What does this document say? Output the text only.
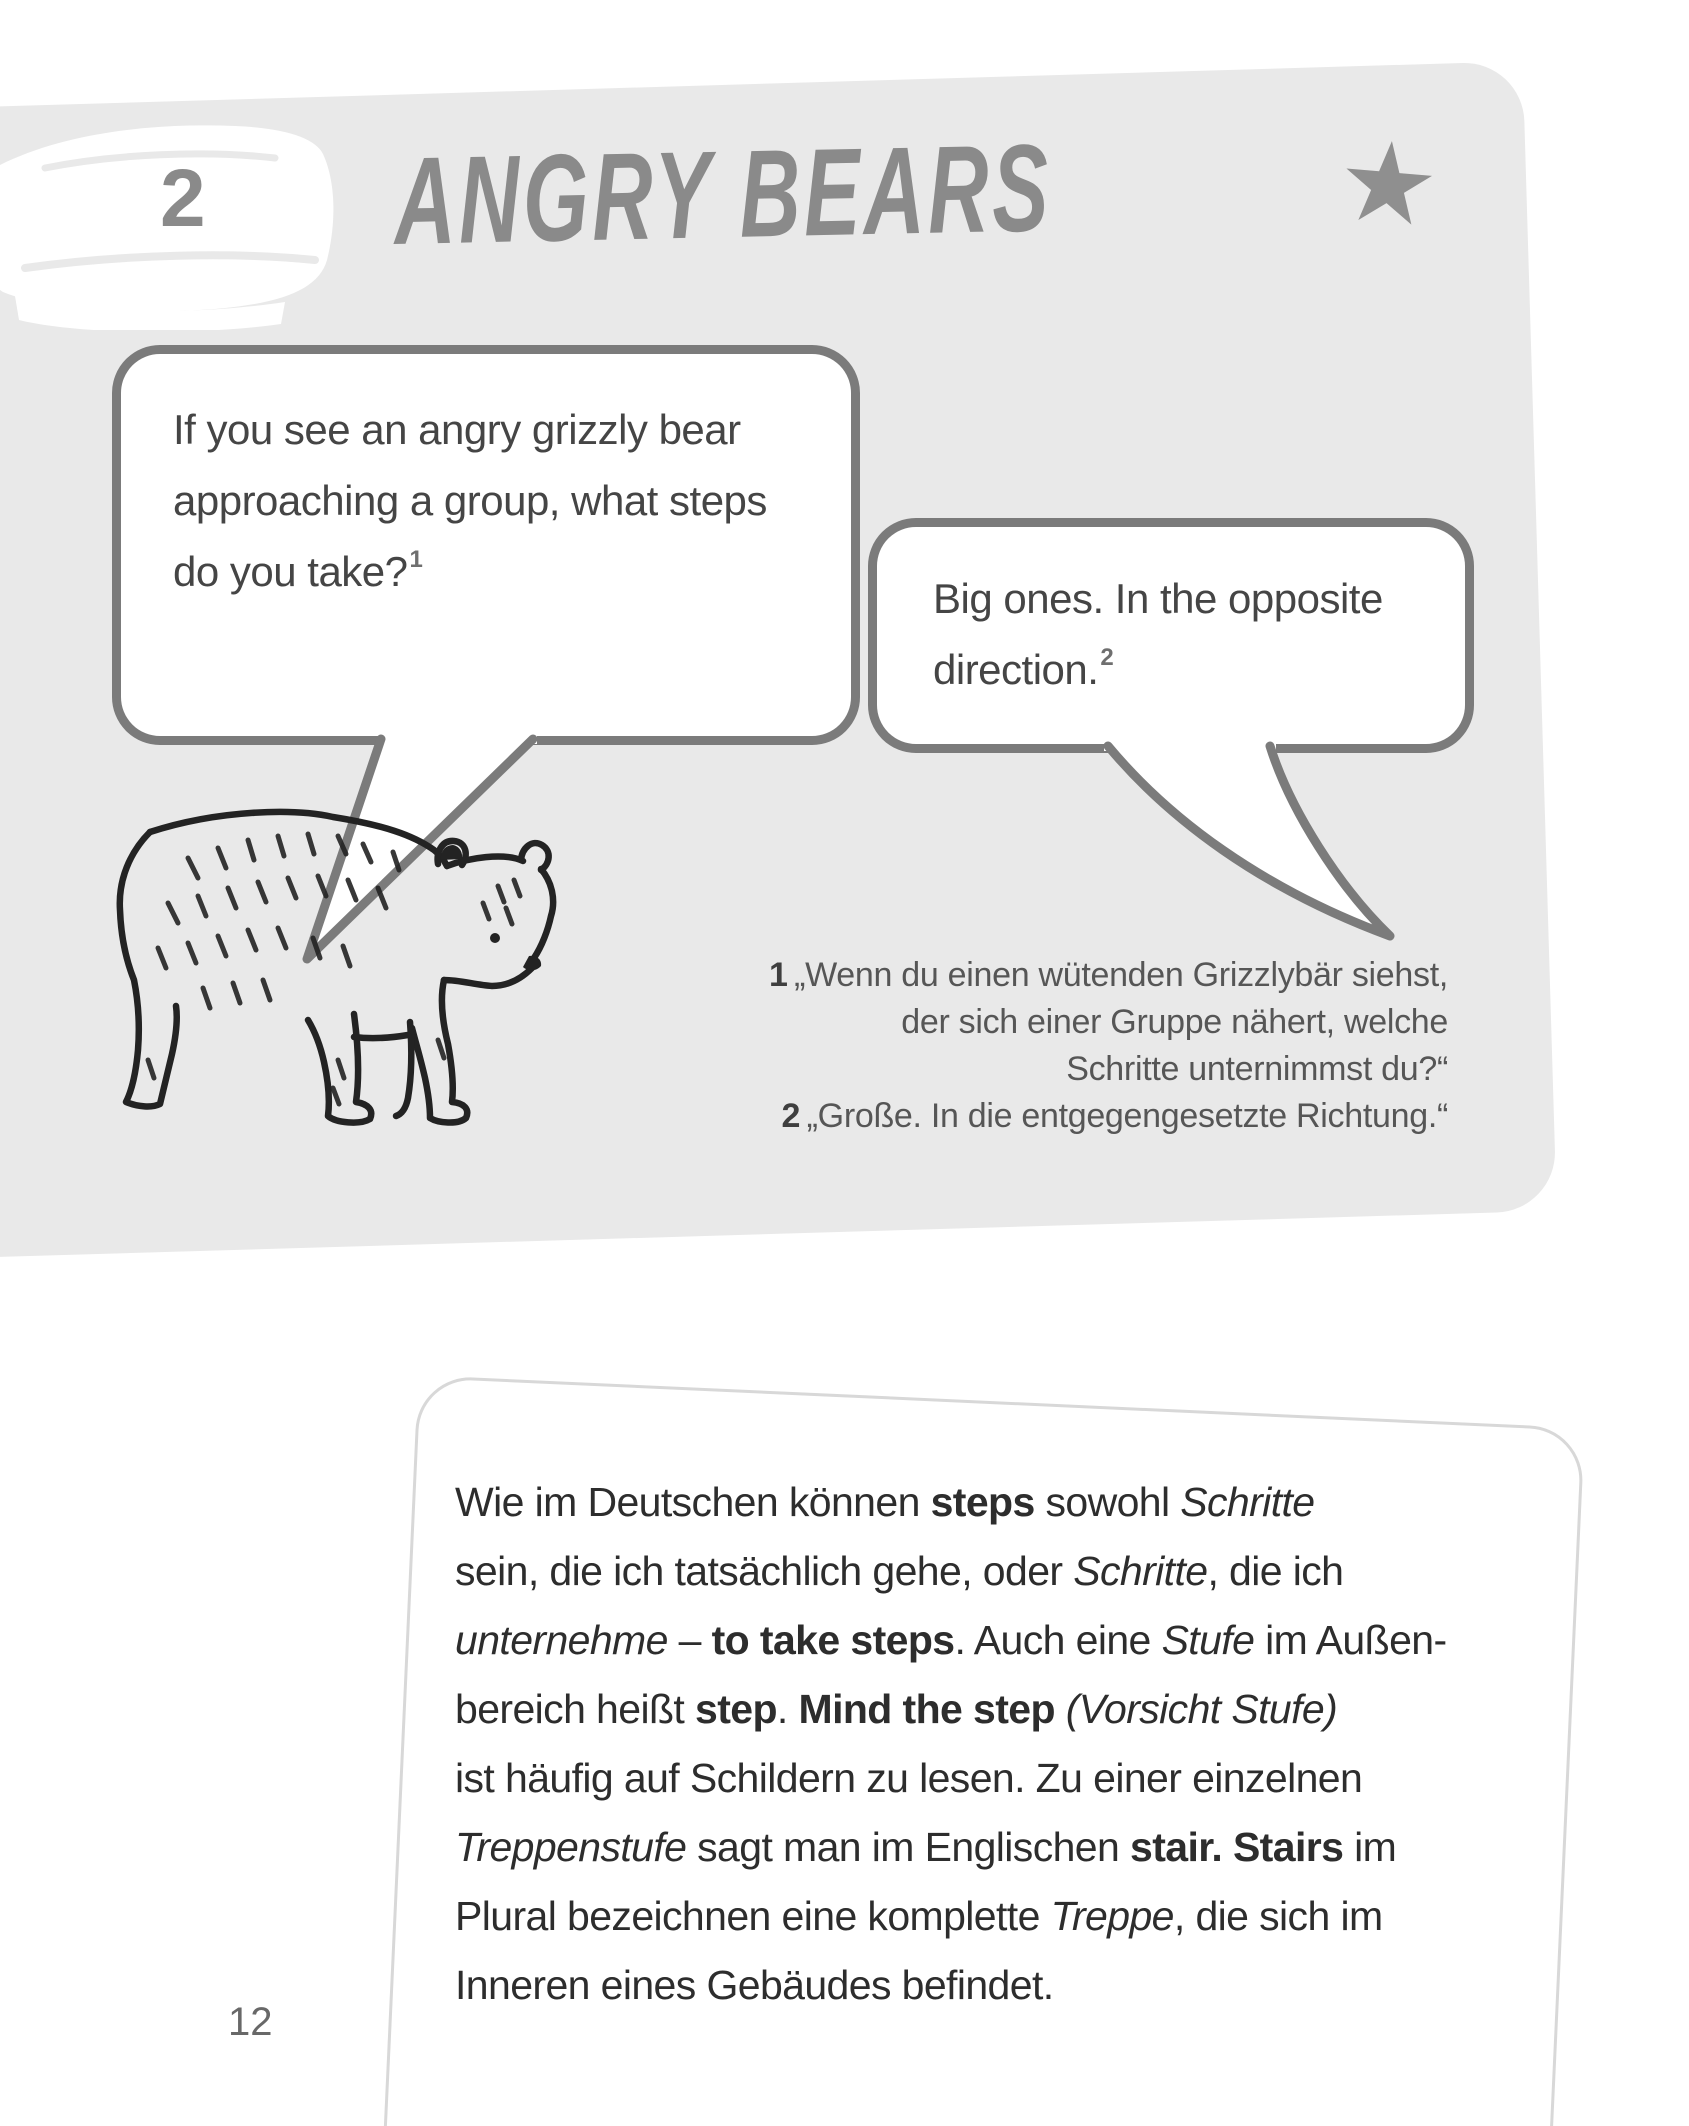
2 ANGRY BEARS ★
If you see an angry grizzly bear
approaching a group, what steps
do you take?$^1$
Big ones. In the opposite
direction.$^2$
1 „Wenn du einen wütenden Grizzlybär siehst,
der sich einer Gruppe nähert, welche
Schritte unternimmst du?“
2 „Große. In die entgegengesetzte Richtung.“
Wie im Deutschen können steps sowohl Schritte
sein, die ich tatsächlich gehe, oder Schritte, die ich
unternehme – to take steps. Auch eine Stufe im Außen-
bereich heißt step. Mind the step (Vorsicht Stufe)
ist häufig auf Schildern zu lesen. Zu einer einzelnen
Treppenstufe sagt man im Englischen stair. Stairs im
Plural bezeichnen eine komplette Treppe, die sich im
Inneren eines Gebäudes befindet.
12
